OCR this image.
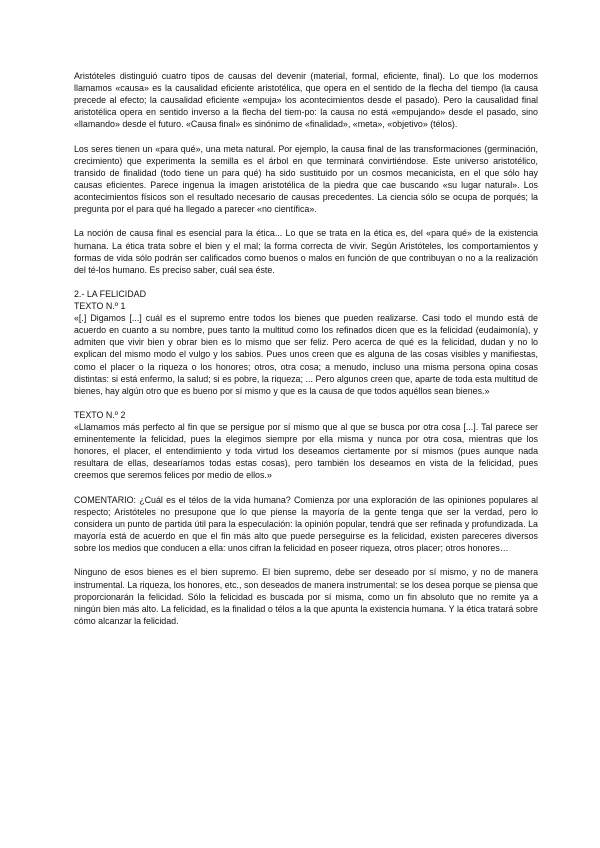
Aristóteles distinguió cuatro tipos de causas del devenir (material, formal, eficiente, final). Lo que los modernos llamamos «causa» es la causalidad eficiente aristotélica, que opera en el sentido de la flecha del tiempo (la causa precede al efecto; la causalidad eficiente «empuja» los acontecimientos desde el pasado). Pero la causalidad final aristotélica opera en sentido inverso a la flecha del tiem-po: la causa no está «empujando» desde el pasado, sino «llamando» desde el futuro. «Causa final» es sinónimo de «finalidad», «meta», «objetivo» (télos).

Los seres tienen un «para qué», una meta natural. Por ejemplo, la causa final de las transformaciones (germinación, crecimiento) que experimenta la semilla es el árbol en que terminará convirtiéndose. Este universo aristotélico, transido de finalidad (todo tiene un para qué) ha sido sustituido por un cosmos mecanicista, en el que sólo hay causas eficientes. Parece ingenua la imagen aristotélica de la piedra que cae buscando «su lugar natural». Los acontecimientos físicos son el resultado necesario de causas precedentes. La ciencia sólo se ocupa de porqués; la pregunta por el para qué ha llegado a parecer «no científica».

La noción de causa final es esencial para la ética... Lo que se trata en la ética es, del «para qué» de la existencia humana. La ética trata sobre el bien y el mal; la forma correcta de vivir. Según Aristóteles, los comportamientos y formas de vida sólo podrán ser calificados como buenos o malos en función de que contribuyan o no a la realización del té-los humano. Es preciso saber, cuál sea éste.

2.- LA FELICIDAD
TEXTO N.º 1

«[.] Digamos [...] cuál es el supremo entre todos los bienes que pueden realizarse. Casi todo el mundo está de acuerdo en cuanto a su nombre, pues tanto la multitud como los refinados dicen que es la felicidad (eudaimonía), y admiten que vivir bien y obrar bien es lo mismo que ser feliz. Pero acerca de qué es la felicidad, dudan y no lo explican del mismo modo el vulgo y los sabios. Pues unos creen que es alguna de las cosas visibles y manifiestas, como el placer o la riqueza o los honores; otros, otra cosa; a menudo, incluso una misma persona opina cosas distintas: si está enfermo, la salud; si es pobre, la riqueza; ... Pero algunos creen que, aparte de toda esta multitud de bienes, hay algún otro que es bueno por sí mismo y que es la causa de que todos aquéllos sean bienes.»

TEXTO N.º 2

«Llamamos más perfecto al fin que se persigue por sí mismo que al que se busca por otra cosa [...]. Tal parece ser eminentemente la felicidad, pues la elegimos siempre por ella misma y nunca por otra cosa, mientras que los honores, el placer, el entendimiento y toda virtud los deseamos ciertamente por sí mismos (pues aunque nada resultara de ellas, desearíamos todas estas cosas), pero también los deseamos en vista de la felicidad, pues creemos que seremos felices por medio de ellos.»

COMENTARIO: ¿Cuál es el télos de la vida humana? Comienza por una exploración de las opiniones populares al respecto; Aristóteles no presupone que lo que piense la mayoría de la gente tenga que ser la verdad, pero lo considera un punto de partida útil para la especulación: la opinión popular, tendrá que ser refinada y profundizada. La mayoría está de acuerdo en que el fin más alto que puede perseguirse es la felicidad, existen pareceres diversos sobre los medios que conducen a ella: unos cifran la felicidad en poseer riqueza, otros placer; otros honores…

Ninguno de esos bienes es el bien supremo. El bien supremo, debe ser deseado por sí mismo, y no de manera instrumental. La riqueza, los honores, etc., son deseados de manera instrumental: se los desea porque se piensa que proporcionarán la felicidad. Sólo la felicidad es buscada por sí misma, como un fin absoluto que no remite ya a ningún bien más alto. La felicidad, es la finalidad o télos a la que apunta la existencia humana. Y la ética tratará sobre cómo alcanzar la felicidad.
